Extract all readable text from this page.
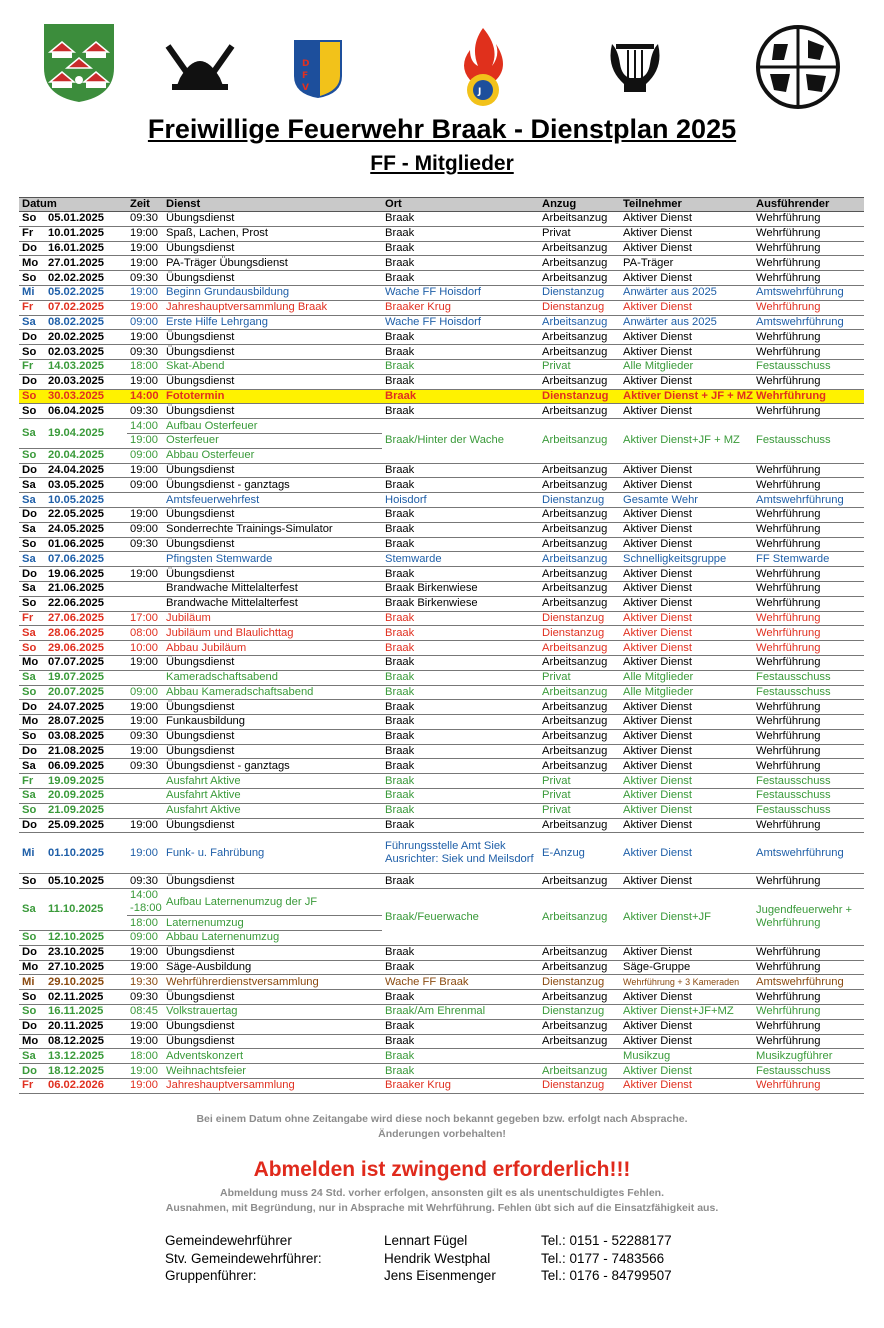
D
F
V	J
Freiwillige Feuerwehr Braak - Dienstplan 2025
FF - Mitglieder
Datum		Zeit	Dienst	Ort	Anzug	Teilnehmer	Ausführender
So	05.01.2025	09:30	Übungsdienst	Braak	Arbeitsanzug	Aktiver Dienst	Wehrführung
Fr	10.01.2025	19:00	Spaß, Lachen, Prost	Braak	Privat	Aktiver Dienst	Wehrführung
Do	16.01.2025	19:00	Übungsdienst	Braak	Arbeitsanzug	Aktiver Dienst	Wehrführung
Mo	27.01.2025	19:00	PA-Träger Übungsdienst	Braak	Arbeitsanzug	PA-Träger	Wehrführung
So	02.02.2025	09:30	Übungsdienst	Braak	Arbeitsanzug	Aktiver Dienst	Wehrführung
Mi	05.02.2025	19:00	Beginn Grundausbildung	Wache FF Hoisdorf	Dienstanzug	Anwärter aus 2025	Amtswehrführung
Fr	07.02.2025	19:00	Jahreshauptversammlung Braak	Braaker Krug	Dienstanzug	Aktiver Dienst	Wehrführung
Sa	08.02.2025	09:00	Erste Hilfe Lehrgang	Wache FF Hoisdorf	Arbeitsanzug	Anwärter aus 2025	Amtswehrführung
Do	20.02.2025	19:00	Übungsdienst	Braak	Arbeitsanzug	Aktiver Dienst	Wehrführung
So	02.03.2025	09:30	Übungsdienst	Braak	Arbeitsanzug	Aktiver Dienst	Wehrführung
Fr	14.03.2025	18:00	Skat-Abend	Braak	Privat	Alle Mitglieder	Festausschuss
Do	20.03.2025	19:00	Übungsdienst	Braak	Arbeitsanzug	Aktiver Dienst	Wehrführung
So	30.03.2025	14:00	Fototermin	Braak	Dienstanzug	Aktiver Dienst + JF + MZ	Wehrführung
So	06.04.2025	09:30	Übungsdienst	Braak	Arbeitsanzug	Aktiver Dienst	Wehrführung
Sa	19.04.2025	14:00	Aufbau Osterfeuer	Braak/Hinter der Wache	Arbeitsanzug	Aktiver Dienst+JF + MZ	Festausschuss
		19:00	Osterfeuer				
So	20.04.2025	09:00	Abbau Osterfeuer				
Do	24.04.2025	19:00	Übungsdienst	Braak	Arbeitsanzug	Aktiver Dienst	Wehrführung
Sa	03.05.2025	09:00	Übungsdienst - ganztags	Braak	Arbeitsanzug	Aktiver Dienst	Wehrführung
Sa	10.05.2025		Amtsfeuerwehrfest	Hoisdorf	Dienstanzug	Gesamte Wehr	Amtswehrführung
Do	22.05.2025	19:00	Übungsdienst	Braak	Arbeitsanzug	Aktiver Dienst	Wehrführung
Sa	24.05.2025	09:00	Sonderrechte Trainings-Simulator	Braak	Arbeitsanzug	Aktiver Dienst	Wehrführung
So	01.06.2025	09:30	Übungsdienst	Braak	Arbeitsanzug	Aktiver Dienst	Wehrführung
Sa	07.06.2025		Pfingsten Stemwarde	Stemwarde	Arbeitsanzug	Schnelligkeitsgruppe	FF Stemwarde
Do	19.06.2025	19:00	Übungsdienst	Braak	Arbeitsanzug	Aktiver Dienst	Wehrführung
Sa	21.06.2025		Brandwache Mittelalterfest	Braak Birkenwiese	Arbeitsanzug	Aktiver Dienst	Wehrführung
So	22.06.2025		Brandwache Mittelalterfest	Braak Birkenwiese	Arbeitsanzug	Aktiver Dienst	Wehrführung
Fr	27.06.2025	17:00	Jubiläum	Braak	Dienstanzug	Aktiver Dienst	Wehrführung
Sa	28.06.2025	08:00	Jubiläum und Blaulichttag	Braak	Dienstanzug	Aktiver Dienst	Wehrführung
So	29.06.2025	10:00	Abbau Jubiläum	Braak	Arbeitsanzug	Aktiver Dienst	Wehrführung
Mo	07.07.2025	19:00	Übungsdienst	Braak	Arbeitsanzug	Aktiver Dienst	Wehrführung
Sa	19.07.2025		Kameradschaftsabend	Braak	Privat	Alle Mitglieder	Festausschuss
So	20.07.2025	09:00	Abbau Kameradschaftsabend	Braak	Arbeitsanzug	Alle Mitglieder	Festausschuss
Do	24.07.2025	19:00	Übungsdienst	Braak	Arbeitsanzug	Aktiver Dienst	Wehrführung
Mo	28.07.2025	19:00	Funkausbildung	Braak	Arbeitsanzug	Aktiver Dienst	Wehrführung
So	03.08.2025	09:30	Übungsdienst	Braak	Arbeitsanzug	Aktiver Dienst	Wehrführung
Do	21.08.2025	19:00	Übungsdienst	Braak	Arbeitsanzug	Aktiver Dienst	Wehrführung
Sa	06.09.2025	09:30	Übungsdienst - ganztags	Braak	Arbeitsanzug	Aktiver Dienst	Wehrführung
Fr	19.09.2025		Ausfahrt Aktive	Braak	Privat	Aktiver Dienst	Festausschuss
Sa	20.09.2025		Ausfahrt Aktive	Braak	Privat	Aktiver Dienst	Festausschuss
So	21.09.2025		Ausfahrt Aktive	Braak	Privat	Aktiver Dienst	Festausschuss
Do	25.09.2025	19:00	Übungsdienst	Braak	Arbeitsanzug	Aktiver Dienst	Wehrführung
Mi	01.10.2025	19:00	Funk- u. Fahrübung	Führungsstelle Amt Siek Ausrichter: Siek und Meilsdorf	E-Anzug	Aktiver Dienst	Amtswehrführung
So	05.10.2025	09:30	Übungsdienst	Braak	Arbeitsanzug	Aktiver Dienst	Wehrführung
Sa	11.10.2025	14:00 -18:00	Aufbau Laternenumzug der JF	Braak/Feuerwache	Arbeitsanzug	Aktiver Dienst+JF	Jugendfeuerwehr + Wehrführung
		18:00	Laternenumzug				
So	12.10.2025	09:00	Abbau Laternenumzug				
Do	23.10.2025	19:00	Übungsdienst	Braak	Arbeitsanzug	Aktiver Dienst	Wehrführung
Mo	27.10.2025	19:00	Säge-Ausbildung	Braak	Arbeitsanzug	Säge-Gruppe	Wehrführung
Mi	29.10.2025	19:30	Wehrführerdienstversammlung	Wache FF Braak	Dienstanzug	Wehrführung + 3 Kameraden	Amtswehrführung
So	02.11.2025	09:30	Übungsdienst	Braak	Arbeitsanzug	Aktiver Dienst	Wehrführung
So	16.11.2025	08:45	Volkstrauertag	Braak/Am Ehrenmal	Dienstanzug	Aktiver Dienst+JF+MZ	Wehrführung
Do	20.11.2025	19:00	Übungsdienst	Braak	Arbeitsanzug	Aktiver Dienst	Wehrführung
Mo	08.12.2025	19:00	Übungsdienst	Braak	Arbeitsanzug	Aktiver Dienst	Wehrführung
Sa	13.12.2025	18:00	Adventskonzert	Braak		Musikzug	Musikzugführer
Do	18.12.2025	19:00	Weihnachtsfeier	Braak	Arbeitsanzug	Aktiver Dienst	Festausschuss
Fr	06.02.2026	19:00	Jahreshauptversammlung	Braaker Krug	Dienstanzug	Aktiver Dienst	Wehrführung
Bei einem Datum ohne Zeitangabe wird diese noch bekannt gegeben bzw. erfolgt nach Absprache.
Änderungen vorbehalten!
Abmelden ist zwingend erforderlich!!!
Abmeldung muss 24 Std. vorher erfolgen, ansonsten gilt es als unentschuldigtes Fehlen.
Ausnahmen, mit Begründung, nur in Absprache mit Wehrführung. Fehlen übt sich auf die Einsatzfähigkeit aus.
Gemeindewehrführer	Lennart Fügel	Tel.: 0151 - 52288177
Stv. Gemeindewehrführer:	Hendrik Westphal	Tel.: 0177 - 7483566
Gruppenführer:	Jens Eisenmenger	Tel.: 0176 - 84799507
